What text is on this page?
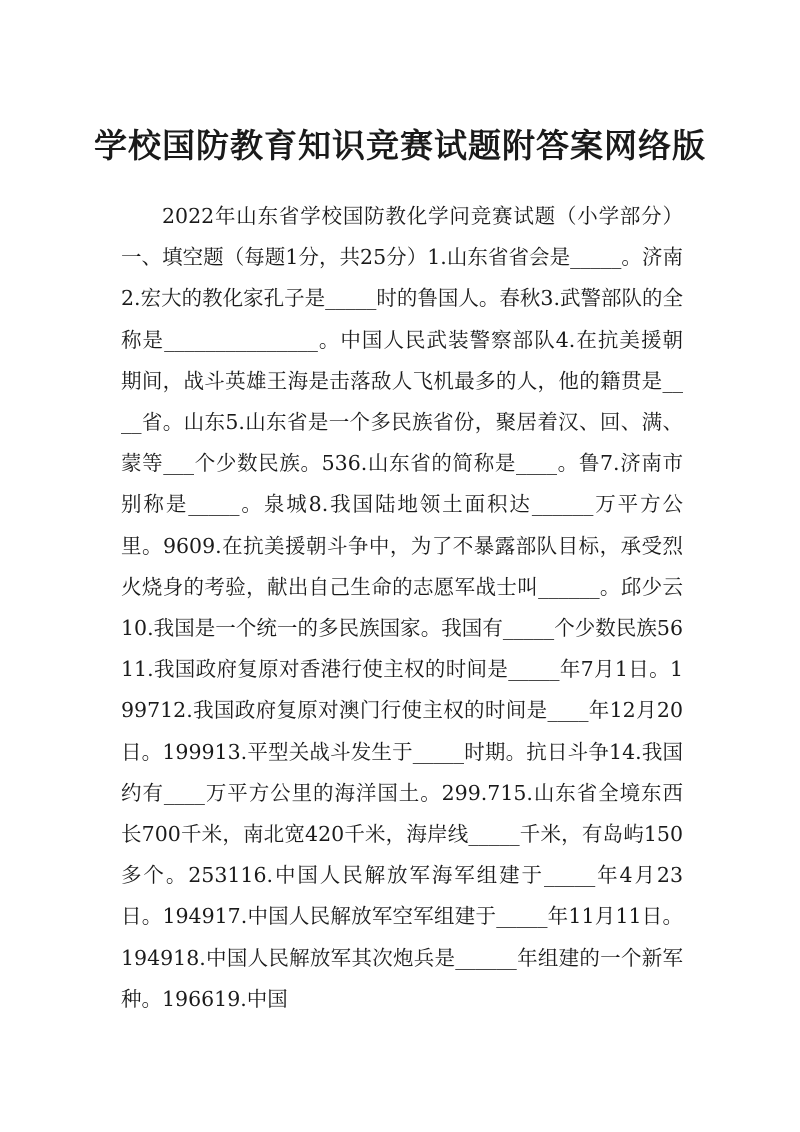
学校国防教育知识竞赛试题附答案网络版

2022年山东省学校国防教化学问竞赛试题（小学部分）一、填空题（每题1分，共25分）1.山东省省会是_____。济南2.宏大的教化家孔子是_____时的鲁国人。春秋3.武警部队的全称是_______________。中国人民武装警察部队4.在抗美援朝期间，战斗英雄王海是击落敌人飞机最多的人，他的籍贯是____省。山东5.山东省是一个多民族省份，聚居着汉、回、满、蒙等___个少数民族。536.山东省的简称是____。鲁7.济南市别称是_____。泉城8.我国陆地领土面积达______万平方公里。9609.在抗美援朝斗争中，为了不暴露部队目标，承受烈火烧身的考验，献出自己生命的志愿军战士叫______。邱少云10.我国是一个统一的多民族国家。我国有_____个少数民族5611.我国政府复原对香港行使主权的时间是_____年7月1日。199712.我国政府复原对澳门行使主权的时间是____年12月20日。199913.平型关战斗发生于_____时期。抗日斗争14.我国约有____万平方公里的海洋国土。299.715.山东省全境东西长700千米，南北宽420千米，海岸线_____千米，有岛屿150多个。253116.中国人民解放军海军组建于_____年4月23日。194917.中国人民解放军空军组建于_____年11月11日。194918.中国人民解放军其次炮兵是______年组建的一个新军种。196619.中国
